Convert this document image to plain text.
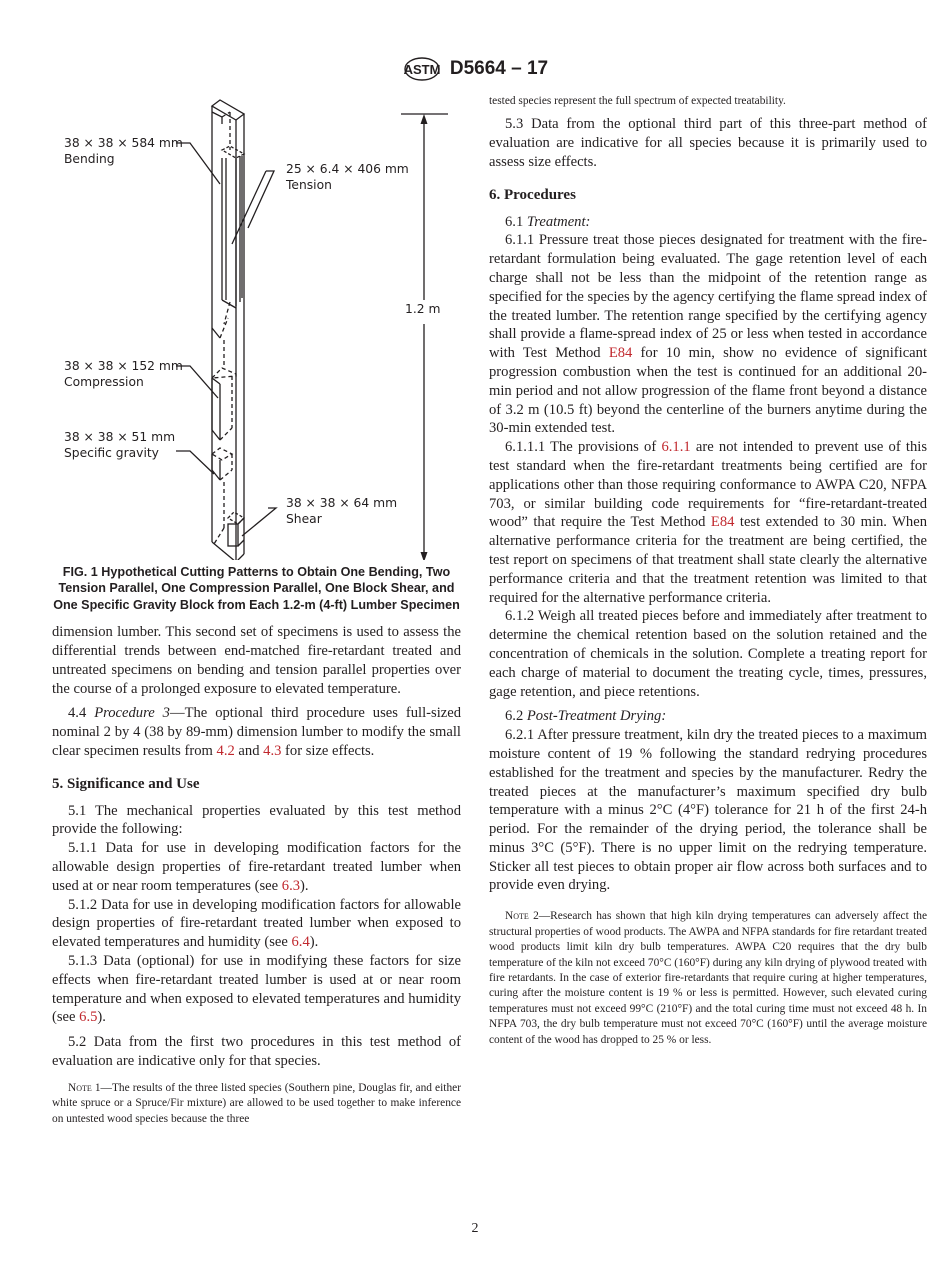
ASTM D5664 – 17
38 × 38 × 584 mm
Bending
25 × 6.4 × 406 mm
Tension
1.2 m
38 × 38 × 152 mm
Compression
38 × 38 × 51 mm
Specific gravity
38 × 38 × 64 mm
Shear
FIG. 1 Hypothetical Cutting Patterns to Obtain One Bending, Two Tension Parallel, One Compression Parallel, One Block Shear, and One Specific Gravity Block from Each 1.2-m (4-ft) Lumber Specimen

dimension lumber. This second set of specimens is used to assess the differential trends between end-matched fire-retardant treated and untreated specimens on bending and tension parallel properties over the course of a prolonged exposure to elevated temperature.

4.4 Procedure 3—The optional third procedure uses full-sized nominal 2 by 4 (38 by 89-mm) dimension lumber to modify the small clear specimen results from 4.2 and 4.3 for size effects.

5. Significance and Use

5.1 The mechanical properties evaluated by this test method provide the following:

5.1.1 Data for use in developing modification factors for the allowable design properties of fire-retardant treated lumber when used at or near room temperatures (see 6.3).

5.1.2 Data for use in developing modification factors for allowable design properties of fire-retardant treated lumber when exposed to elevated temperatures and humidity (see 6.4).

5.1.3 Data (optional) for use in modifying these factors for size effects when fire-retardant treated lumber is used at or near room temperature and when exposed to elevated temperatures and humidity (see 6.5).

5.2 Data from the first two procedures in this test method of evaluation are indicative only for that species.

Note 1—The results of the three listed species (Southern pine, Douglas fir, and either white spruce or a Spruce/Fir mixture) are allowed to be used together to make inference on untested wood species because the three

tested species represent the full spectrum of expected treatability.

5.3 Data from the optional third part of this three-part method of evaluation are indicative for all species because it is primarily used to assess size effects.

6. Procedures

6.1 Treatment:

6.1.1 Pressure treat those pieces designated for treatment with the fire-retardant formulation being evaluated. The gage retention level of each charge shall not be less than the midpoint of the retention range as specified for the species by the agency certifying the flame spread index of the treated lumber. The retention range specified by the certifying agency shall provide a flame-spread index of 25 or less when tested in accordance with Test Method E84 for 10 min, show no evidence of significant progression combustion when the test is continued for an additional 20-min period and not allow progression of the flame front beyond a distance of 3.2 m (10.5 ft) beyond the centerline of the burners anytime during the 30-min extended test.

6.1.1.1 The provisions of 6.1.1 are not intended to prevent use of this test standard when the fire-retardant treatments being certified are for applications other than those requiring conformance to AWPA C20, NFPA 703, or similar building code requirements for “fire-retardant-treated wood” that require the Test Method E84 test extended to 30 min. When alternative performance criteria for the treatment are being certified, the test report on specimens of that treatment shall state clearly the alternative performance criteria and that the treatment retention was limited to that required for the alternative performance criteria.

6.1.2 Weigh all treated pieces before and immediately after treatment to determine the chemical retention based on the solution retained and the concentration of chemicals in the solution. Complete a treating report for each charge of material to document the treating cycle, times, pressures, gage retention, and piece retentions.

6.2 Post-Treatment Drying:

6.2.1 After pressure treatment, kiln dry the treated pieces to a maximum moisture content of 19 % following the standard redrying procedures established for the treatment and species by the manufacturer. Redry the treated pieces at the manufacturer’s maximum specified dry bulb temperature with a minus 2°C (4°F) tolerance for 21 h of the first 24-h period. For the remainder of the drying period, the tolerance shall be minus 3°C (5°F). There is no upper limit on the redrying temperature. Sticker all test pieces to obtain proper air flow across both surfaces and to provide even drying.

Note 2—Research has shown that high kiln drying temperatures can adversely affect the structural properties of wood products. The AWPA and NFPA standards for fire retardant treated wood products limit kiln dry bulb temperatures. AWPA C20 requires that the dry bulb temperature of the kiln not exceed 70°C (160°F) during any kiln drying of plywood treated with fire retardants. In the case of exterior fire-retardants that require curing at higher temperatures, curing after the moisture content is 19 % or less is permitted. However, such elevated curing temperatures must not exceed 99°C (210°F) and the total curing time must not exceed 48 h. In NFPA 703, the dry bulb temperature must not exceed 70°C (160°F) until the average moisture content of the wood has dropped to 25 % or less.

2
